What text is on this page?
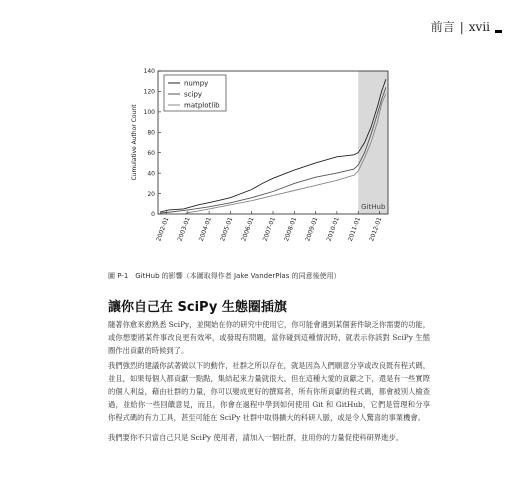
前言 | xvii
GitHub
0
20
40
60
80
100
120
140
Cumulative Author Count
2002-01 2003-01 2004-01 2005-01 2006-01 2007-01 2008-01 2009-01 2010-01 2011-01 2012-01
numpy
scipy
matplotlib
圖 P-1　GitHub 的影響（本圖取得作者 Jake VanderPlas 的同意後使用）
讓你自己在 SciPy 生態圈插旗
隨著你愈來愈熟悉 SciPy，並開始在你的研究中使用它，你可能會遇到某個套件缺乏你需要的功能，或你想要將某件事改良更有效率，或發現有問題，當你碰到這種情況時，就表示你該對 SciPy 生態圈作出貢獻的時候到了。
我們強烈的建議你試著做以下的動作，社群之所以存在，就是因為人們願意分享或改良既有程式碼，並且，如果每個人都貢獻一點點，集結起來力量就很大。但在這種大愛的貢獻之下，還是有一些實際的個人利益，藉由社群的力量，你可以變成更好的撰寫者，所有你所貢獻的程式碼，都會被別人檢查過，並給你一些回饋意見，而且，你會在過程中學到如何使用 Git 和 GitHub，它們是管理和分享你程式碼的有力工具，甚至可能在 SciPy 社群中取得擴大的科研人脈，或是令人驚喜的事業機會。
我們要你不只當自己只是 SciPy 使用者，請加入一個社群，並用你的力量促使科研界進步。
